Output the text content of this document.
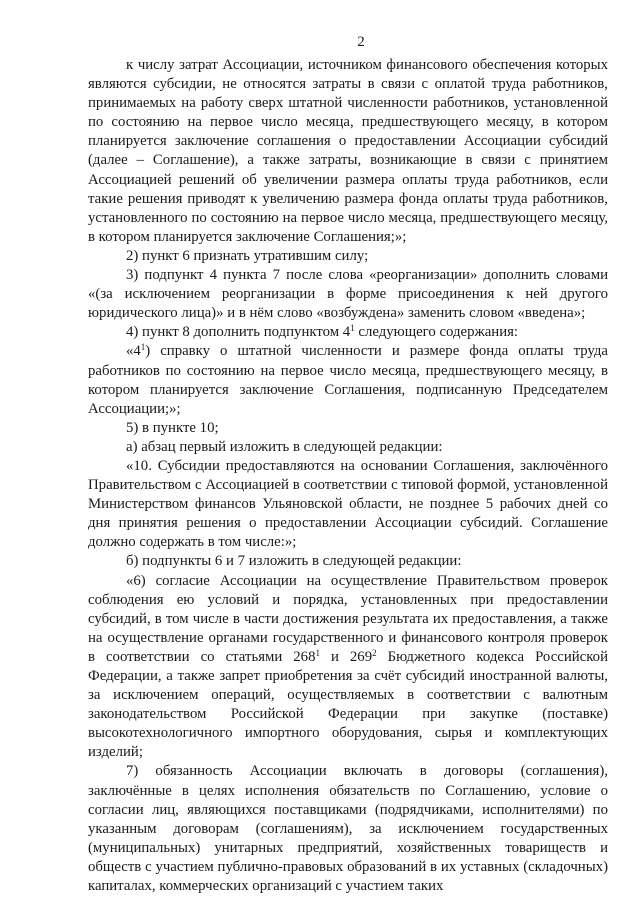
2

к числу затрат Ассоциации, источником финансового обеспечения которых являются субсидии, не относятся затраты в связи с оплатой труда работников, принимаемых на работу сверх штатной численности работников, установленной по состоянию на первое число месяца, предшествующего месяцу, в котором планируется заключение соглашения о предоставлении Ассоциации субсидий (далее – Соглашение), а также затраты, возникающие в связи с принятием Ассоциацией решений об увеличении размера оплаты труда работников, если такие решения приводят к увеличению размера фонда оплаты труда работников, установленного по состоянию на первое число месяца, предшествующего месяцу, в котором планируется заключение Соглашения;»;

2) пункт 6 признать утратившим силу;

3) подпункт 4 пункта 7 после слова «реорганизации» дополнить словами «(за исключением реорганизации в форме присоединения к ней другого юридического лица)» и в нём слово «возбуждена» заменить словом «введена»;

4) пункт 8 дополнить подпунктом $4^1$ следующего содержания:

«$4^1$) справку о штатной численности и размере фонда оплаты труда работников по состоянию на первое число месяца, предшествующего месяцу, в котором планируется заключение Соглашения, подписанную Председателем Ассоциации;»;

5) в пункте 10;

а) абзац первый изложить в следующей редакции:

«10. Субсидии предоставляются на основании Соглашения, заключённого Правительством с Ассоциацией в соответствии с типовой формой, установленной Министерством финансов Ульяновской области, не позднее 5 рабочих дней со дня принятия решения о предоставлении Ассоциации субсидий. Соглашение должно содержать в том числе:»;

б) подпункты 6 и 7 изложить в следующей редакции:

«6) согласие Ассоциации на осуществление Правительством проверок соблюдения ею условий и порядка, установленных при предоставлении субсидий, в том числе в части достижения результата их предоставления, а также на осуществление органами государственного и финансового контроля проверок в соответствии со статьями $268^1$ и $269^2$ Бюджетного кодекса Российской Федерации, а также запрет приобретения за счёт субсидий иностранной валюты, за исключением операций, осуществляемых в соответствии с валютным законодательством Российской Федерации при закупке (поставке) высокотехнологичного импортного оборудования, сырья и комплектующих изделий;

7) обязанность Ассоциации включать в договоры (соглашения), заключённые в целях исполнения обязательств по Соглашению, условие о согласии лиц, являющихся поставщиками (подрядчиками, исполнителями) по указанным договорам (соглашениям), за исключением государственных (муниципальных) унитарных предприятий, хозяйственных товариществ и обществ с участием публично-правовых образований в их уставных (складочных) капиталах, коммерческих организаций с участием таких
